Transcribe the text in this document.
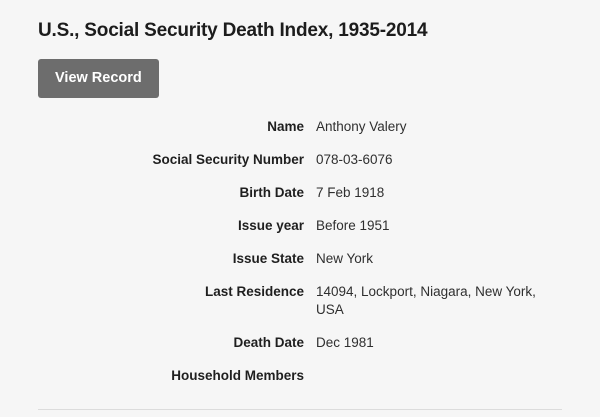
U.S., Social Security Death Index, 1935-2014
View Record
Name	Anthony Valery

Social Security Number	078-03-6076

Birth Date	7 Feb 1918

Issue year	Before 1951

Issue State	New York

Last Residence	14094, Lockport, Niagara, New York, USA

Death Date	Dec 1981

Household Members	
